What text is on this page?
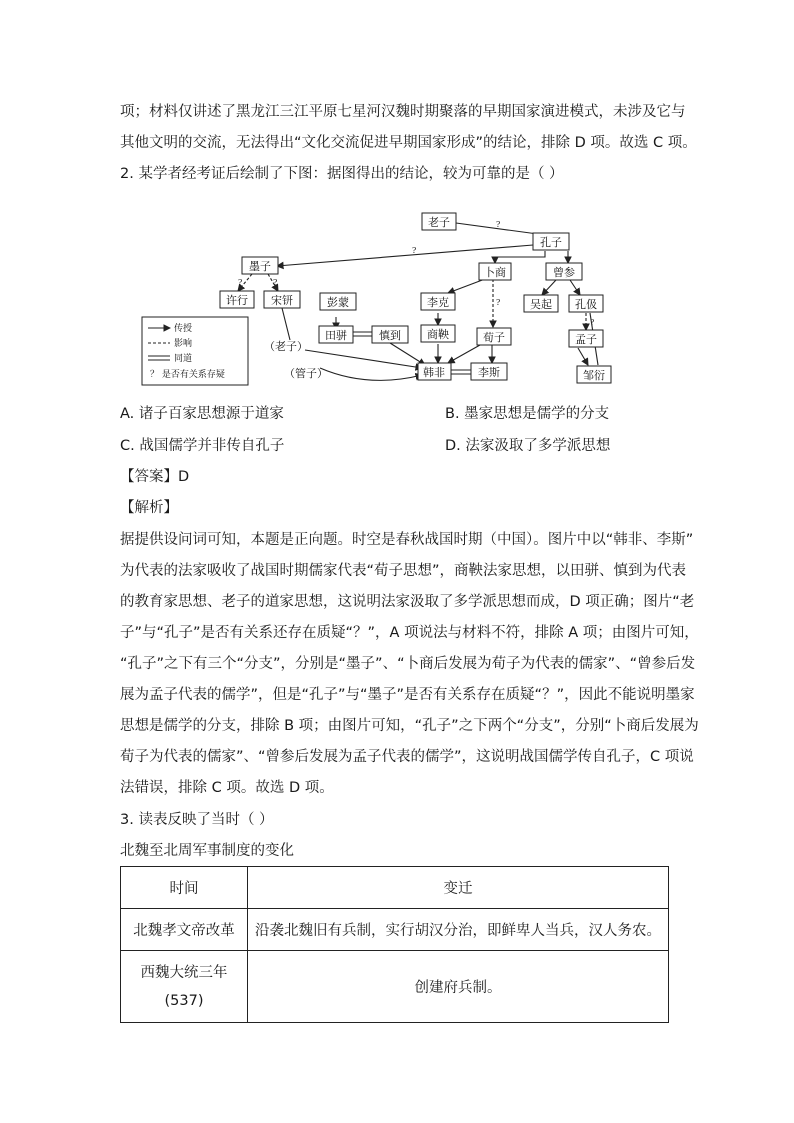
项；材料仅讲述了黑龙江三江平原七星河汉魏时期聚落的早期国家演进模式，未涉及它与
其他文明的交流，无法得出“文化交流促进早期国家形成”的结论，排除 D 项。故选 C 项。
2. 某学者经考证后绘制了下图：据图得出的结论，较为可靠的是（ ）
?
?
?	?
?
?
老子
孔子
墨子	卜商	曾参
许行 宋钘	彭蒙	李克	吴起 孔伋
田骈	慎到 商鞅	荀子	孟子
韩非	李斯	邹衍
（老子）
（管子）
传授
影响
同道
？ 是否有关系存疑
A. 诸子百家思想源于道家	B. 墨家思想是儒学的分支
C. 战国儒学并非传自孔子	D. 法家汲取了多学派思想
【答案】D
【解析】
据提供设问词可知，本题是正向题。时空是春秋战国时期（中国）。图片中以“韩非、李斯”
为代表的法家吸收了战国时期儒家代表“荀子思想”，商鞅法家思想，以田骈、慎到为代表
的教育家思想、老子的道家思想，这说明法家汲取了多学派思想而成，D 项正确；图片“老
子”与“孔子”是否有关系还存在质疑“？”，A 项说法与材料不符，排除 A 项；由图片可知，
“孔子”之下有三个“分支”，分别是“墨子”、“卜商后发展为荀子为代表的儒家”、“曾参后发
展为孟子代表的儒学”，但是“孔子”与“墨子”是否有关系存在质疑“？”，因此不能说明墨家
思想是儒学的分支，排除 B 项；由图片可知，“孔子”之下两个“分支”，分别“卜商后发展为
荀子为代表的儒家”、“曾参后发展为孟子代表的儒学”，这说明战国儒学传自孔子，C 项说
法错误，排除 C 项。故选 D 项。
3. 读表反映了当时（ ）
北魏至北周军事制度的变化
时间	变迁
北魏孝文帝改革	沿袭北魏旧有兵制，实行胡汉分治，即鲜卑人当兵，汉人务农。

西魏大统三年
(537)	创建府兵制。
